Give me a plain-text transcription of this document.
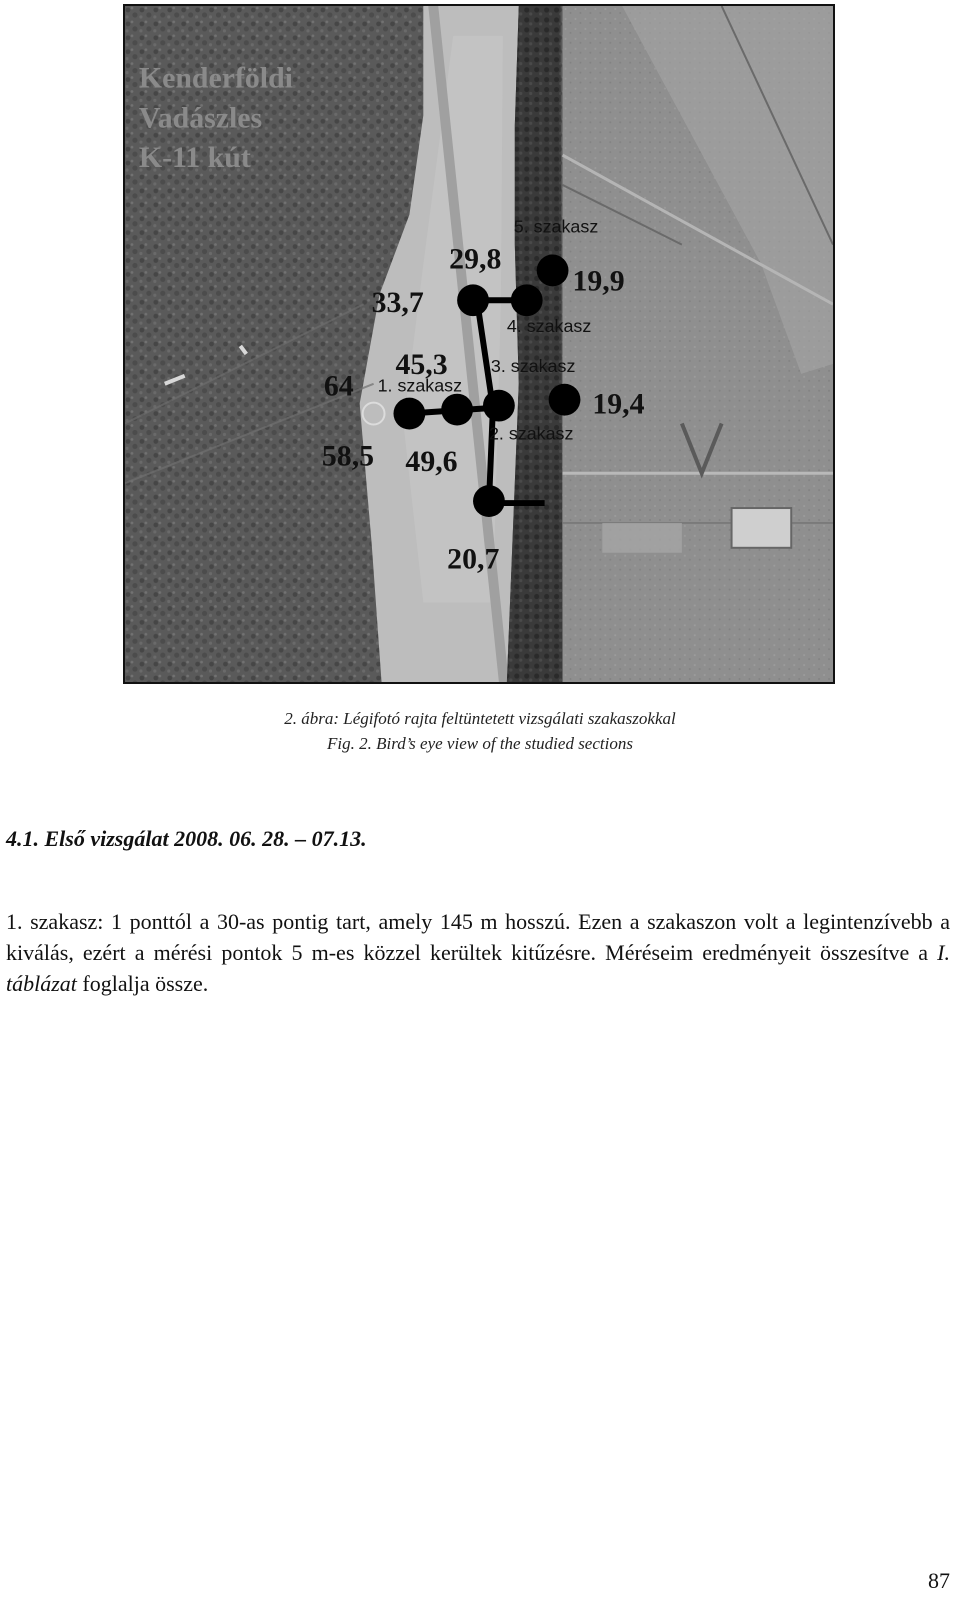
Kenderföldi
Vadászles
K-11 kút
5. szakasz
4. szakasz
3. szakasz
1. szakasz
2. szakasz
29,8
19,9
33,7
45,3
64
19,4
58,5 49,6
20,7
2. ábra: Légifotó rajta feltüntetett vizsgálati szakaszokkal
Fig. 2. Bird’s eye view of the studied sections
4.1. Első vizsgálat 2008. 06. 28. – 07.13.

1. szakasz: 1 ponttól a 30-as pontig tart, amely 145 m hosszú. Ezen a szakaszon volt a legintenzívebb a kiválás, ezért a mérési pontok 5 m-es közzel kerültek kitűzésre. Méréseim eredményeit összesítve a I. táblázat foglalja össze.

87
